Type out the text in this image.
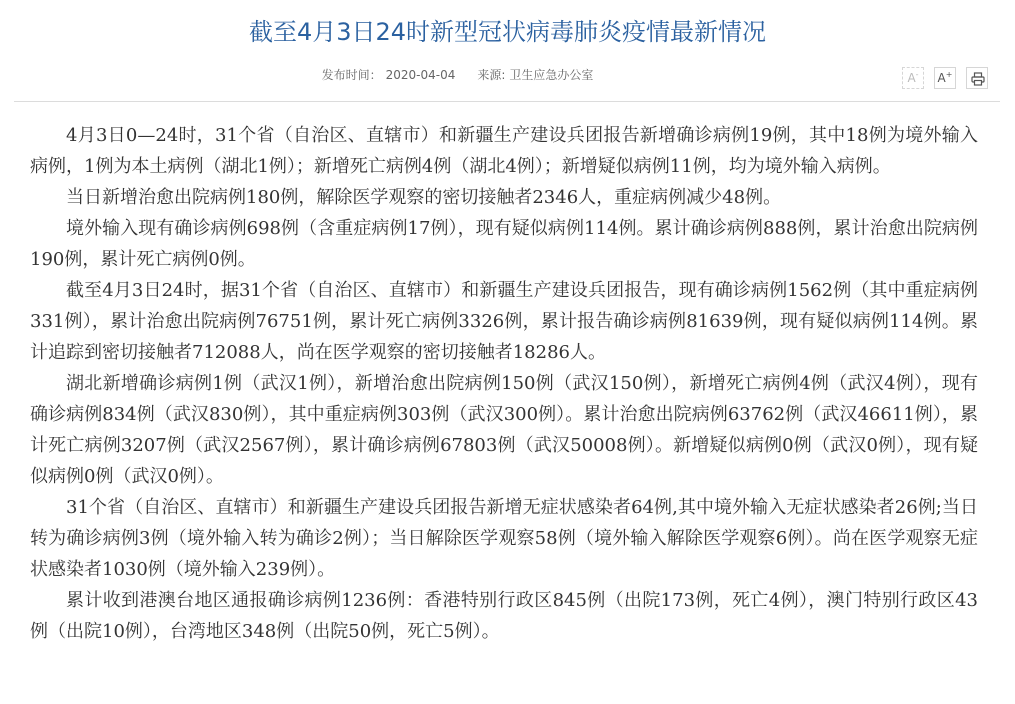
截至4月3日24时新型冠状病毒肺炎疫情最新情况
发布时间： 2020-04-04 来源: 卫生应急办公室	A-	A+

4月3日0—24时，31个省（自治区、直辖市）和新疆生产建设兵团报告新增确诊病例19例，其中18例为境外输入病例，1例为本土病例（湖北1例）；新增死亡病例4例（湖北4例）；新增疑似病例11例，均为境外输入病例。

当日新增治愈出院病例180例，解除医学观察的密切接触者2346人，重症病例减少48例。

境外输入现有确诊病例698例（含重症病例17例），现有疑似病例114例。累计确诊病例888例，累计治愈出院病例190例，累计死亡病例0例。

截至4月3日24时，据31个省（自治区、直辖市）和新疆生产建设兵团报告，现有确诊病例1562例（其中重症病例331例），累计治愈出院病例76751例，累计死亡病例3326例，累计报告确诊病例81639例，现有疑似病例114例。累计追踪到密切接触者712088人，尚在医学观察的密切接触者18286人。

湖北新增确诊病例1例（武汉1例），新增治愈出院病例150例（武汉150例），新增死亡病例4例（武汉4例），现有确诊病例834例（武汉830例），其中重症病例303例（武汉300例）。累计治愈出院病例63762例（武汉46611例），累计死亡病例3207例（武汉2567例），累计确诊病例67803例（武汉50008例）。新增疑似病例0例（武汉0例），现有疑似病例0例（武汉0例）。

31个省（自治区、直辖市）和新疆生产建设兵团报告新增无症状感染者64例,其中境外输入无症状感染者26例;当日转为确诊病例3例（境外输入转为确诊2例）；当日解除医学观察58例（境外输入解除医学观察6例）。尚在医学观察无症状感染者1030例（境外输入239例）。

累计收到港澳台地区通报确诊病例1236例：香港特别行政区845例（出院173例，死亡4例），澳门特别行政区43例（出院10例），台湾地区348例（出院50例，死亡5例）。
